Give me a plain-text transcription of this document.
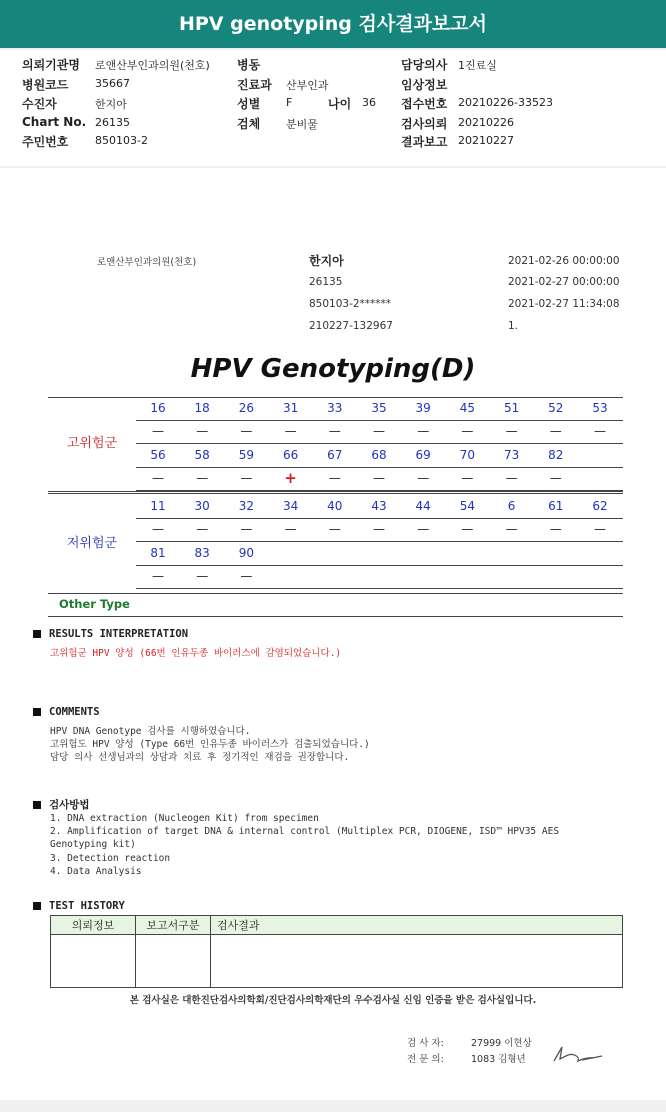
HPV genotyping 검사결과보고서
의뢰기관명 로앤산부인과의원(천호)
병원코드 35667
수진자	한지아
Chart No. 26135
주민번호 850103-2
병동
진료과 산부인과
성별 F	나이 36
검체 분비물
담당의사 1진료실
임상정보
접수번호 20210226-33523
검사의뢰 20210226
결과보고 20210227
로앤산부인과의원(천호)	한지아
26135
850103-2******
210227-132967
2021-02-26 00:00:00
2021-02-27 00:00:00
2021-02-27 11:34:08
1.
HPV Genotyping(D)
고위험군
저위험군
Other Type
16	18	26	31	33	35	39	45	51	52	53
—	—	—	—	—	—	—	—	—	—	—
56	58	59	66	67	68	69	70	73	82
—	—	—	+	—	—	—	—	—	—
11	30	32	34	40	43	44	54	6	61	62
—	—	—	—	—	—	—	—	—	—	—
81	83	90
—	—	—
RESULTS INTERPRETATION
고위험군 HPV 양성 (66번 인유두종 바이러스에 감염되었습니다.)
COMMENTS
HPV DNA Genotype 검사를 시행하였습니다.
고위험도 HPV 양성 (Type 66번 인유두종 바이러스가 검출되었습니다.)
담당 의사 선생님과의 상담과 치료 후 정기적인 재검을 권장합니다.
검사방법
1. DNA extraction (Nucleogen Kit) from specimen
2. Amplification of target DNA & internal control (Multiplex PCR, DIOGENE, ISD™ HPV35 AES
Genotyping kit)
3. Detection reaction
4. Data Analysis
TEST HISTORY
의뢰정보	보고서구분	검사결과

본 검사실은 대한진단검사의학회/진단검사의학재단의 우수검사실 신임 인증을 받은 검사실입니다.
검 사 자:	27999 이현상
전 문 의:	1083 김형년
